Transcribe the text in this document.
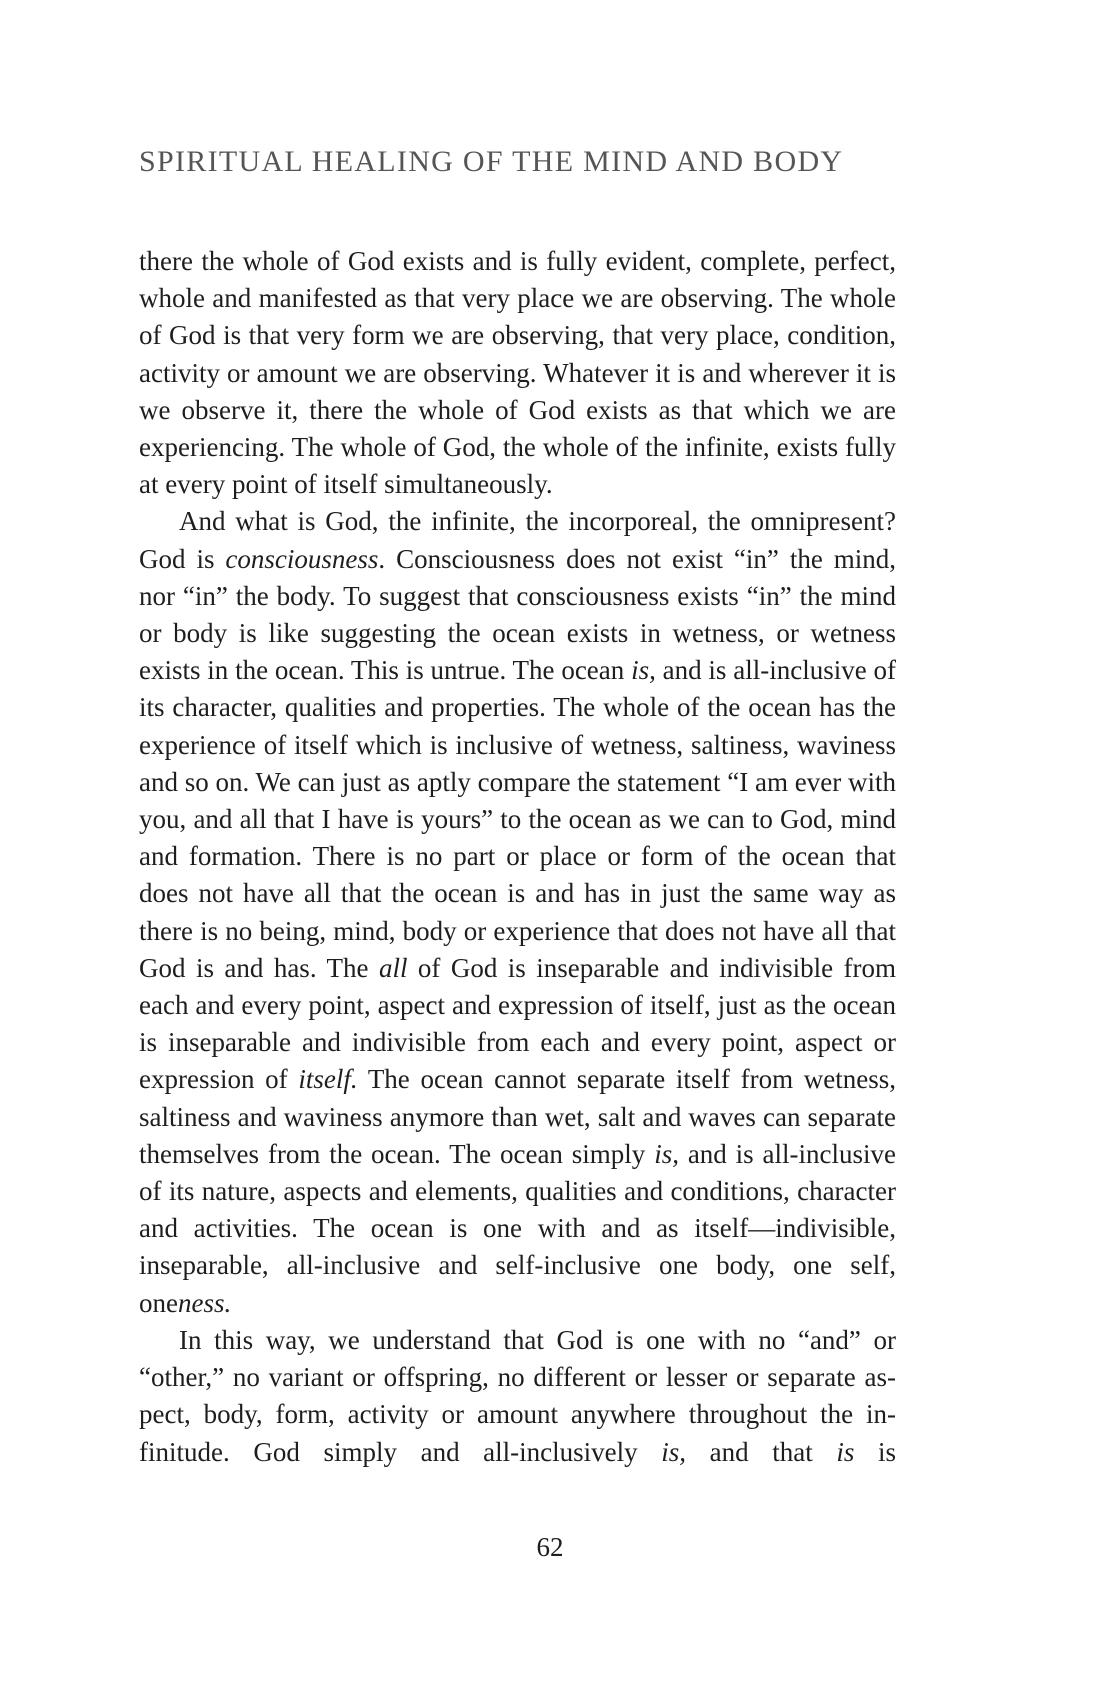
SPIRITUAL HEALING OF THE MIND AND BODY

there the whole of God exists and is fully evident, complete, perfect, whole and manifested as that very place we are observing. The whole of God is that very form we are observing, that very place, condition, activity or amount we are observing. Whatever it is and wherever it is we observe it, there the whole of God exists as that which we are experiencing. The whole of God, the whole of the infinite, exists fully at every point of itself simultaneously.

And what is God, the infinite, the incorporeal, the omnipresent? God is consciousness. Consciousness does not exist “in” the mind, nor “in” the body. To suggest that consciousness exists “in” the mind or body is like suggesting the ocean exists in wetness, or wetness exists in the ocean. This is untrue. The ocean is, and is all-inclusive of its character, qualities and properties. The whole of the ocean has the experience of itself which is inclusive of wetness, saltiness, waviness and so on. We can just as aptly compare the statement “I am ever with you, and all that I have is yours” to the ocean as we can to God, mind and formation. There is no part or place or form of the ocean that does not have all that the ocean is and has in just the same way as there is no being, mind, body or experience that does not have all that God is and has. The all of God is inseparable and indivisible from each and every point, aspect and expression of itself, just as the ocean is inseparable and indivisible from each and every point, aspect or expression of itself. The ocean cannot separate itself from wetness, saltiness and waviness anymore than wet, salt and waves can separate themselves from the ocean. The ocean simply is, and is all-inclusive of its nature, aspects and elements, qualities and conditions, character and activities. The ocean is one with and as itself—indivisible, inseparable, all-inclusive and self-inclusive one body, one self, oneness.

In this way, we understand that God is one with no “and” or “other,” no variant or offspring, no different or lesser or separate aspect, body, form, activity or amount anywhere throughout the infinitude. God simply and all-inclusively is, and that is is

62
